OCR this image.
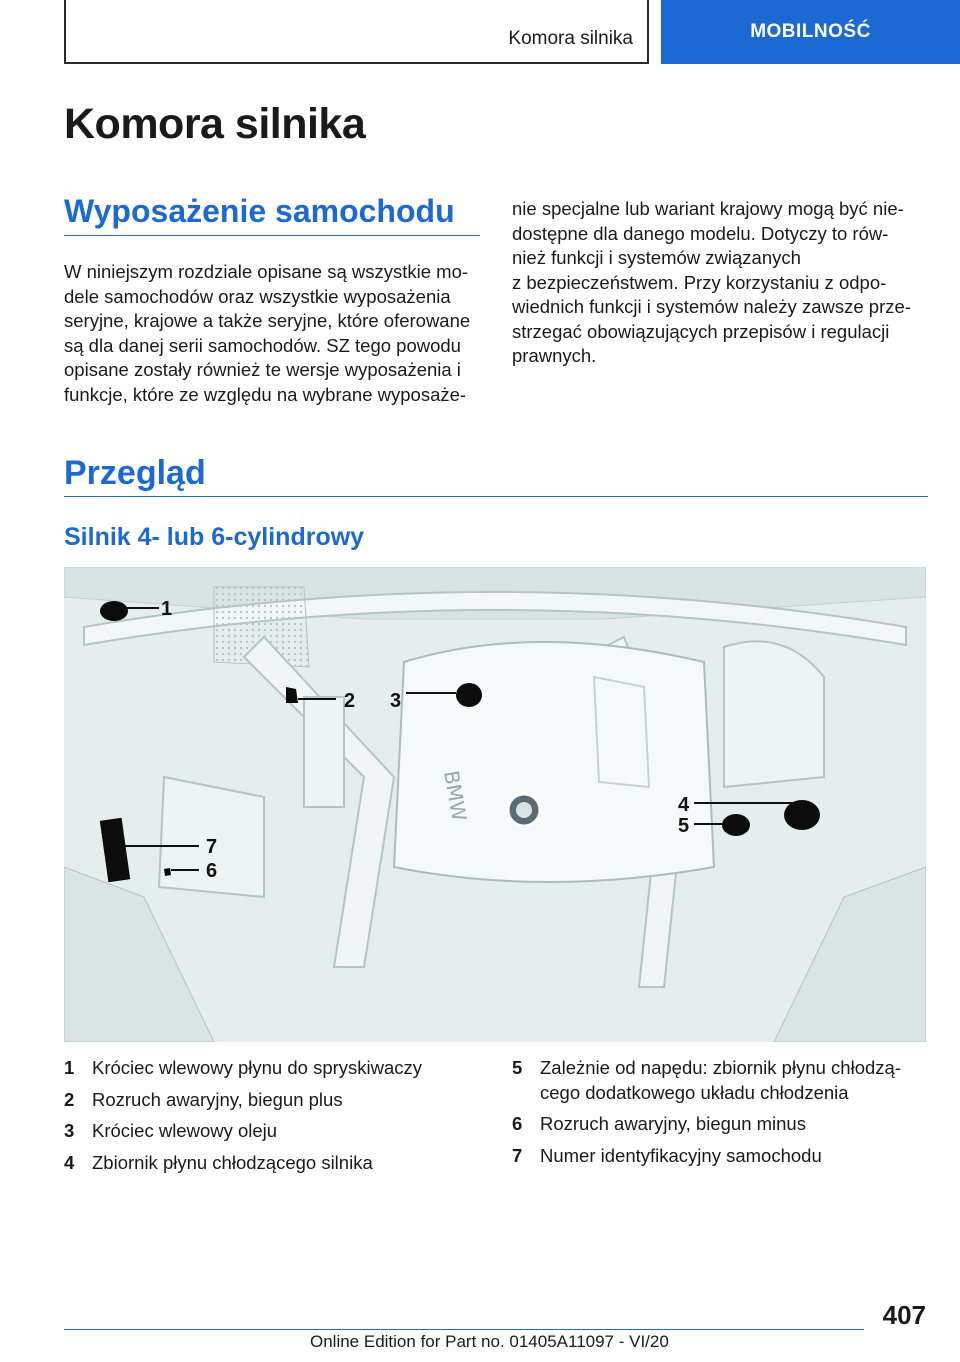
Komora silnika	MOBILNOŚĆ
Komora silnika
Wyposażenie samochodu
W niniejszym rozdziale opisane są wszystkie mo‐
dele samochodów oraz wszystkie wyposażenia
seryjne, krajowe a także seryjne, które oferowane
są dla danej serii samochodów. SZ tego powodu
opisane zostały również te wersje wyposażenia i
funkcje, które ze względu na wybrane wyposaże‐
nie specjalne lub wariant krajowy mogą być nie‐
dostępne dla danego modelu. Dotyczy to rów‐
nież funkcji i systemów związanych
z bezpieczeństwem. Przy korzystaniu z odpo‐
wiednich funkcji i systemów należy zawsze prze‐
strzegać obowiązujących przepisów i regulacji
prawnych.
Przegląd
Silnik 4- lub 6-cylindrowy
BMW
1
2 3
4
5
6
7
1 Króciec wlewowy płynu do spryskiwaczy
2 Rozruch awaryjny, biegun plus
3 Króciec wlewowy oleju
4 Zbiornik płynu chłodzącego silnika
5 Zależnie od napędu: zbiornik płynu chłodzą‐ cego dodatkowego układu chłodzenia
6 Rozruch awaryjny, biegun minus
7 Numer identyfikacyjny samochodu
407
Online Edition for Part no. 01405A11097 - VI/20
